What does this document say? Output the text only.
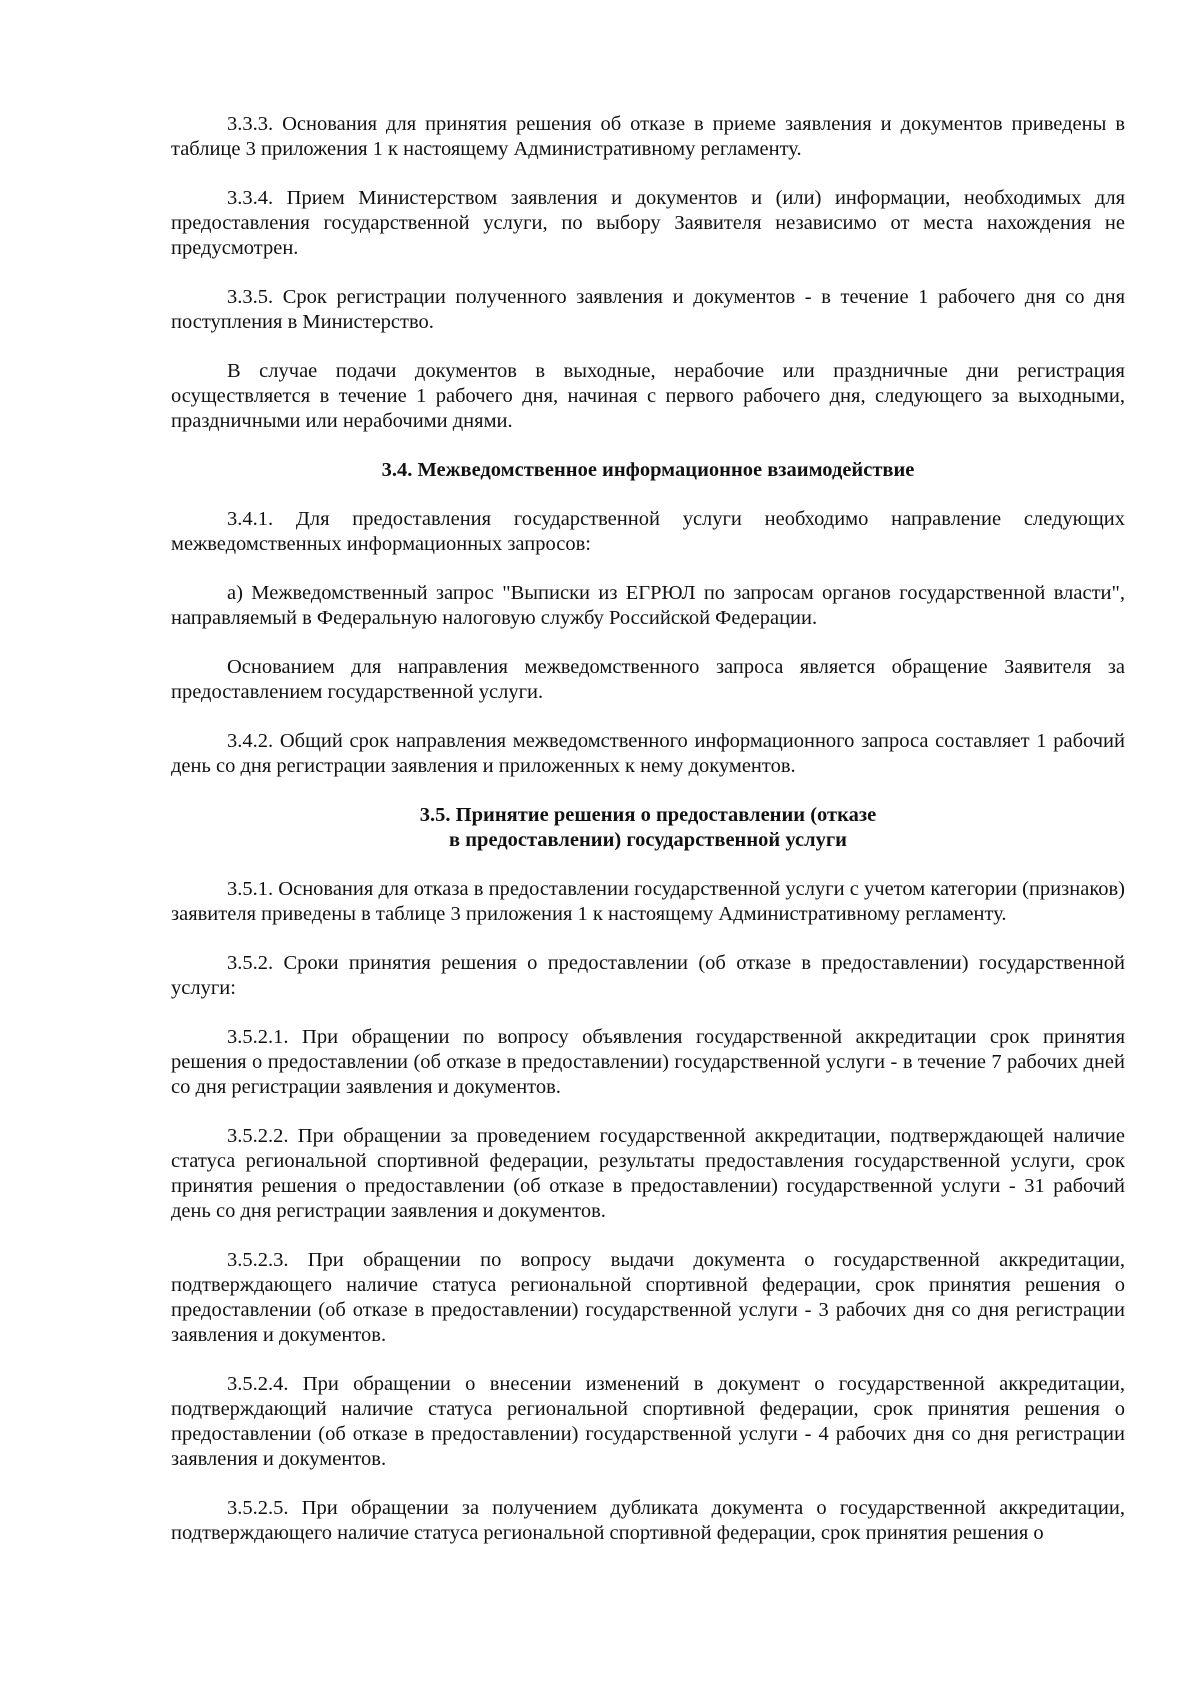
3.3.3. Основания для принятия решения об отказе в приеме заявления и документов приведены в таблице 3 приложения 1 к настоящему Административному регламенту.

3.3.4. Прием Министерством заявления и документов и (или) информации, необходимых для предоставления государственной услуги, по выбору Заявителя независимо от места нахождения не предусмотрен.

3.3.5. Срок регистрации полученного заявления и документов - в течение 1 рабочего дня со дня поступления в Министерство.

В случае подачи документов в выходные, нерабочие или праздничные дни регистрация осуществляется в течение 1 рабочего дня, начиная с первого рабочего дня, следующего за выходными, праздничными или нерабочими днями.

3.4. Межведомственное информационное взаимодействие

3.4.1. Для предоставления государственной услуги необходимо направление следующих межведомственных информационных запросов:

а) Межведомственный запрос "Выписки из ЕГРЮЛ по запросам органов государственной власти", направляемый в Федеральную налоговую службу Российской Федерации.

Основанием для направления межведомственного запроса является обращение Заявителя за предоставлением государственной услуги.

3.4.2. Общий срок направления межведомственного информационного запроса составляет 1 рабочий день со дня регистрации заявления и приложенных к нему документов.

3.5. Принятие решения о предоставлении (отказе
в предоставлении) государственной услуги

3.5.1. Основания для отказа в предоставлении государственной услуги с учетом категории (признаков) заявителя приведены в таблице 3 приложения 1 к настоящему Административному регламенту.

3.5.2. Сроки принятия решения о предоставлении (об отказе в предоставлении) государственной услуги:

3.5.2.1. При обращении по вопросу объявления государственной аккредитации срок принятия решения о предоставлении (об отказе в предоставлении) государственной услуги - в течение 7 рабочих дней со дня регистрации заявления и документов.

3.5.2.2. При обращении за проведением государственной аккредитации, подтверждающей наличие статуса региональной спортивной федерации, результаты предоставления государственной услуги, срок принятия решения о предоставлении (об отказе в предоставлении) государственной услуги - 31 рабочий день со дня регистрации заявления и документов.

3.5.2.3. При обращении по вопросу выдачи документа о государственной аккредитации, подтверждающего наличие статуса региональной спортивной федерации, срок принятия решения о предоставлении (об отказе в предоставлении) государственной услуги - 3 рабочих дня со дня регистрации заявления и документов.

3.5.2.4. При обращении о внесении изменений в документ о государственной аккредитации, подтверждающий наличие статуса региональной спортивной федерации, срок принятия решения о предоставлении (об отказе в предоставлении) государственной услуги - 4 рабочих дня со дня регистрации заявления и документов.

3.5.2.5. При обращении за получением дубликата документа о государственной аккредитации, подтверждающего наличие статуса региональной спортивной федерации, срок принятия решения о
